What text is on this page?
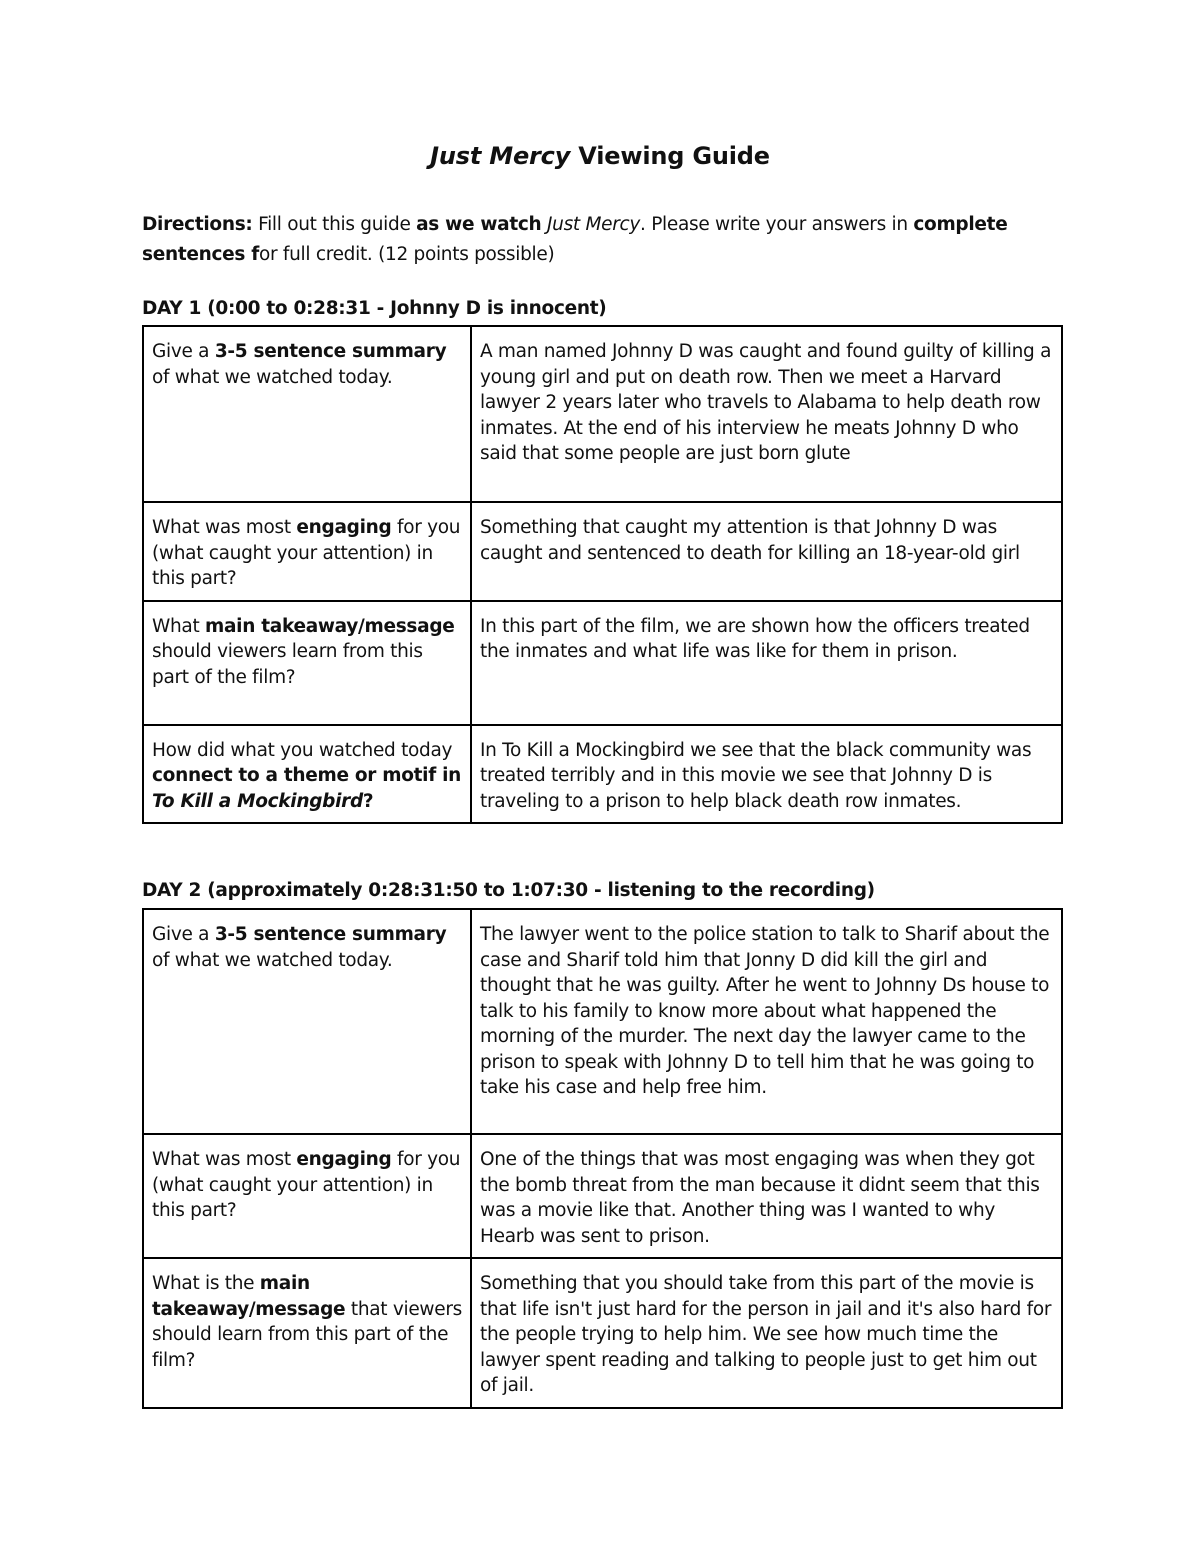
Just Mercy Viewing Guide

Directions: Fill out this guide as we watch Just Mercy. Please write your answers in complete sentences for full credit. (12 points possible)

DAY 1 (0:00 to 0:28:31 - Johnny D is innocent)
Give a 3-5 sentence summary of what we watched today.	A man named Johnny D was caught and found guilty of killing a young girl and put on death row. Then we meet a Harvard lawyer 2 years later who travels to Alabama to help death row inmates. At the end of his interview he meats Johnny D who said that some people are just born glute
What was most engaging for you (what caught your attention) in this part?	Something that caught my attention is that Johnny D was caught and sentenced to death for killing an 18-year-old girl
What main takeaway/message should viewers learn from this part of the film?	In this part of the film, we are shown how the officers treated the inmates and what life was like for them in prison.
How did what you watched today connect to a theme or motif in To Kill a Mockingbird?	In To Kill a Mockingbird we see that the black community was treated terribly and in this movie we see that Johnny D is traveling to a prison to help black death row inmates.
DAY 2 (approximately 0:28:31:50 to 1:07:30 - listening to the recording)
Give a 3-5 sentence summary of what we watched today.	The lawyer went to the police station to talk to Sharif about the case and Sharif told him that Jonny D did kill the girl and thought that he was guilty. After he went to Johnny Ds house to talk to his family to know more about what happened the morning of the murder. The next day the lawyer came to the prison to speak with Johnny D to tell him that he was going to take his case and help free him.
What was most engaging for you (what caught your attention) in this part?	One of the things that was most engaging was when they got the bomb threat from the man because it didnt seem that this was a movie like that. Another thing was I wanted to why Hearb was sent to prison.
What is the main takeaway/message that viewers should learn from this part of the film?	Something that you should take from this part of the movie is that life isn't just hard for the person in jail and it's also hard for the people trying to help him. We see how much time the lawyer spent reading and talking to people just to get him out of jail.
